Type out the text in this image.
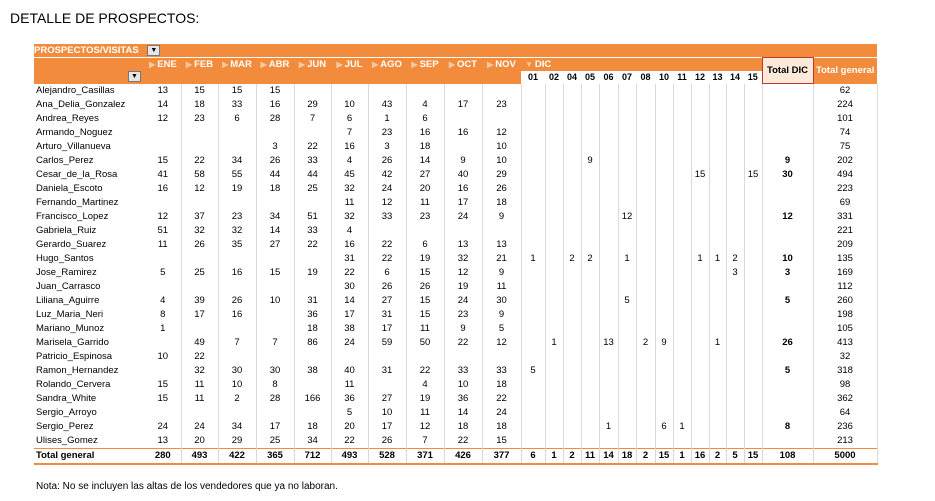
DETALLE DE PROSPECTOS:
PROSPECTOS/VISITAS ▼																									
	▶ ENE	▶ FEB	▶ MAR	▶ ABR	▶ JUN	▶ JUL	▶ AGO	▶ SEP	▶ OCT	▶ NOV	▼ DIC													Total DIC	Total general
▼											01	02	04	05	06	07	08	10	11	12	13	14	15		
Alejandro_Casillas	13	15	15	15																					62
Ana_Delia_Gonzalez	14	18	33	16	29	10	43	4	17	23															224
Andrea_Reyes	12	23	6	28	7	6	1	6																	101
Armando_Noguez						7	23	16	16	12															74
Arturo_Villanueva				3	22	16	3	18		10															75
Carlos_Perez	15	22	34	26	33	4	26	14	9	10				9										9	202
Cesar_de_la_Rosa	41	58	55	44	44	45	42	27	40	29										15			15	30	494
Daniela_Escoto	16	12	19	18	25	32	24	20	16	26															223
Fernando_Martinez						11	12	11	17	18															69
Francisco_Lopez	12	37	23	34	51	32	33	23	24	9						12								12	331
Gabriela_Ruiz	51	32	32	14	33	4																			221
Gerardo_Suarez	11	26	35	27	22	16	22	6	13	13															209
Hugo_Santos						31	22	19	32	21	1		2	2		1				1	1	2		10	135
Jose_Ramirez	5	25	16	15	19	22	6	15	12	9												3		3	169
Juan_Carrasco						30	26	26	19	11															112
Liliana_Aguirre	4	39	26	10	31	14	27	15	24	30						5								5	260
Luz_Maria_Neri	8	17	16		36	17	31	15	23	9															198
Mariano_Munoz	1				18	38	17	11	9	5															105
Marisela_Garrido		49	7	7	86	24	59	50	22	12		1			13		2	9			1			26	413
Patricio_Espinosa	10	22																							32
Ramon_Hernandez		32	30	30	38	40	31	22	33	33	5													5	318
Rolando_Cervera	15	11	10	8		11		4	10	18															98
Sandra_White	15	11	2	28	166	36	27	19	36	22															362
Sergio_Arroyo						5	10	11	14	24															64
Sergio_Perez	24	24	34	17	18	20	17	12	18	18					1			6	1					8	236
Ulises_Gomez	13	20	29	25	34	22	26	7	22	15															213
Total general	280	493	422	365	712	493	528	371	426	377	6	1	2	11	14	18	2	15	1	16	2	5	15	108	5000
Nota: No se incluyen las altas de los vendedores que ya no laboran.
